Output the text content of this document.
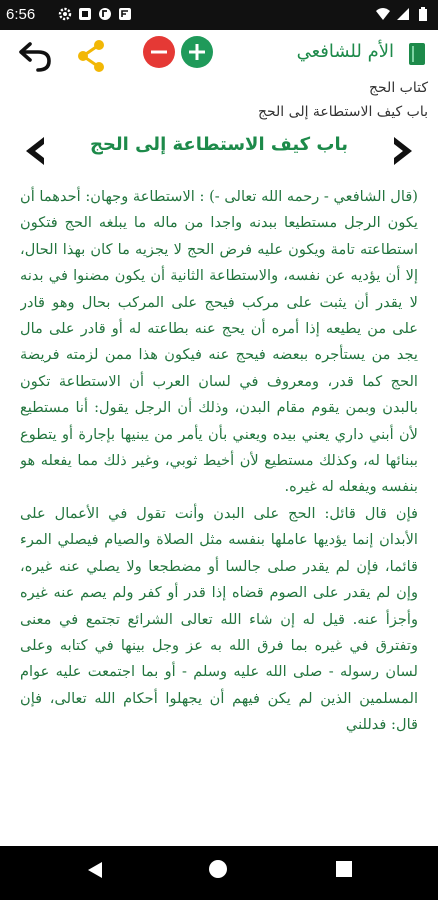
6:56
الأم للشافعي
كتاب الحج
باب كيف الاستطاعة إلى الحج
باب كيف الاستطاعة إلى الحج

(قال الشافعي - رحمه الله تعالى -) : الاستطاعة وجهان: أحدهما أن يكون الرجل مستطيعا ببدنه واجدا من ماله ما يبلغه الحج فتكون استطاعته تامة ويكون عليه فرض الحج لا يجزيه ما كان بهذا الحال، إلا أن يؤديه عن نفسه، والاستطاعة الثانية أن يكون مضنوا في بدنه لا يقدر أن يثبت على مركب فيحج على المركب بحال وهو قادر على من يطيعه إذا أمره أن يحج عنه بطاعته له أو قادر على مال يجد من يستأجره ببعضه فيحج عنه فيكون هذا ممن لزمته فريضة الحج كما قدر، ومعروف في لسان العرب أن الاستطاعة تكون بالبدن وبمن يقوم مقام البدن، وذلك أن الرجل يقول: أنا مستطيع لأن أبني داري يعني بيده ويعني بأن يأمر من يبنيها بإجارة أو يتطوع ببنائها له، وكذلك مستطيع لأن أخيط ثوبي، وغير ذلك مما يفعله هو بنفسه ويفعله له غيره.

فإن قال قائل: الحج على البدن وأنت تقول في الأعمال على الأبدان إنما يؤديها عاملها بنفسه مثل الصلاة والصيام فيصلي المرء قائما، فإن لم يقدر صلى جالسا أو مضطجعا ولا يصلي عنه غيره، وإن لم يقدر على الصوم قضاه إذا قدر أو كفر ولم يصم عنه غيره وأجزأ عنه. قيل له إن شاء الله تعالى الشرائع تجتمع في معنى وتفترق في غيره بما فرق الله به عز وجل بينها في كتابه وعلى لسان رسوله - صلى الله عليه وسلم - أو بما اجتمعت عليه عوام المسلمين الذين لم يكن فيهم أن يجهلوا أحكام الله تعالى، فإن قال: فدللني
